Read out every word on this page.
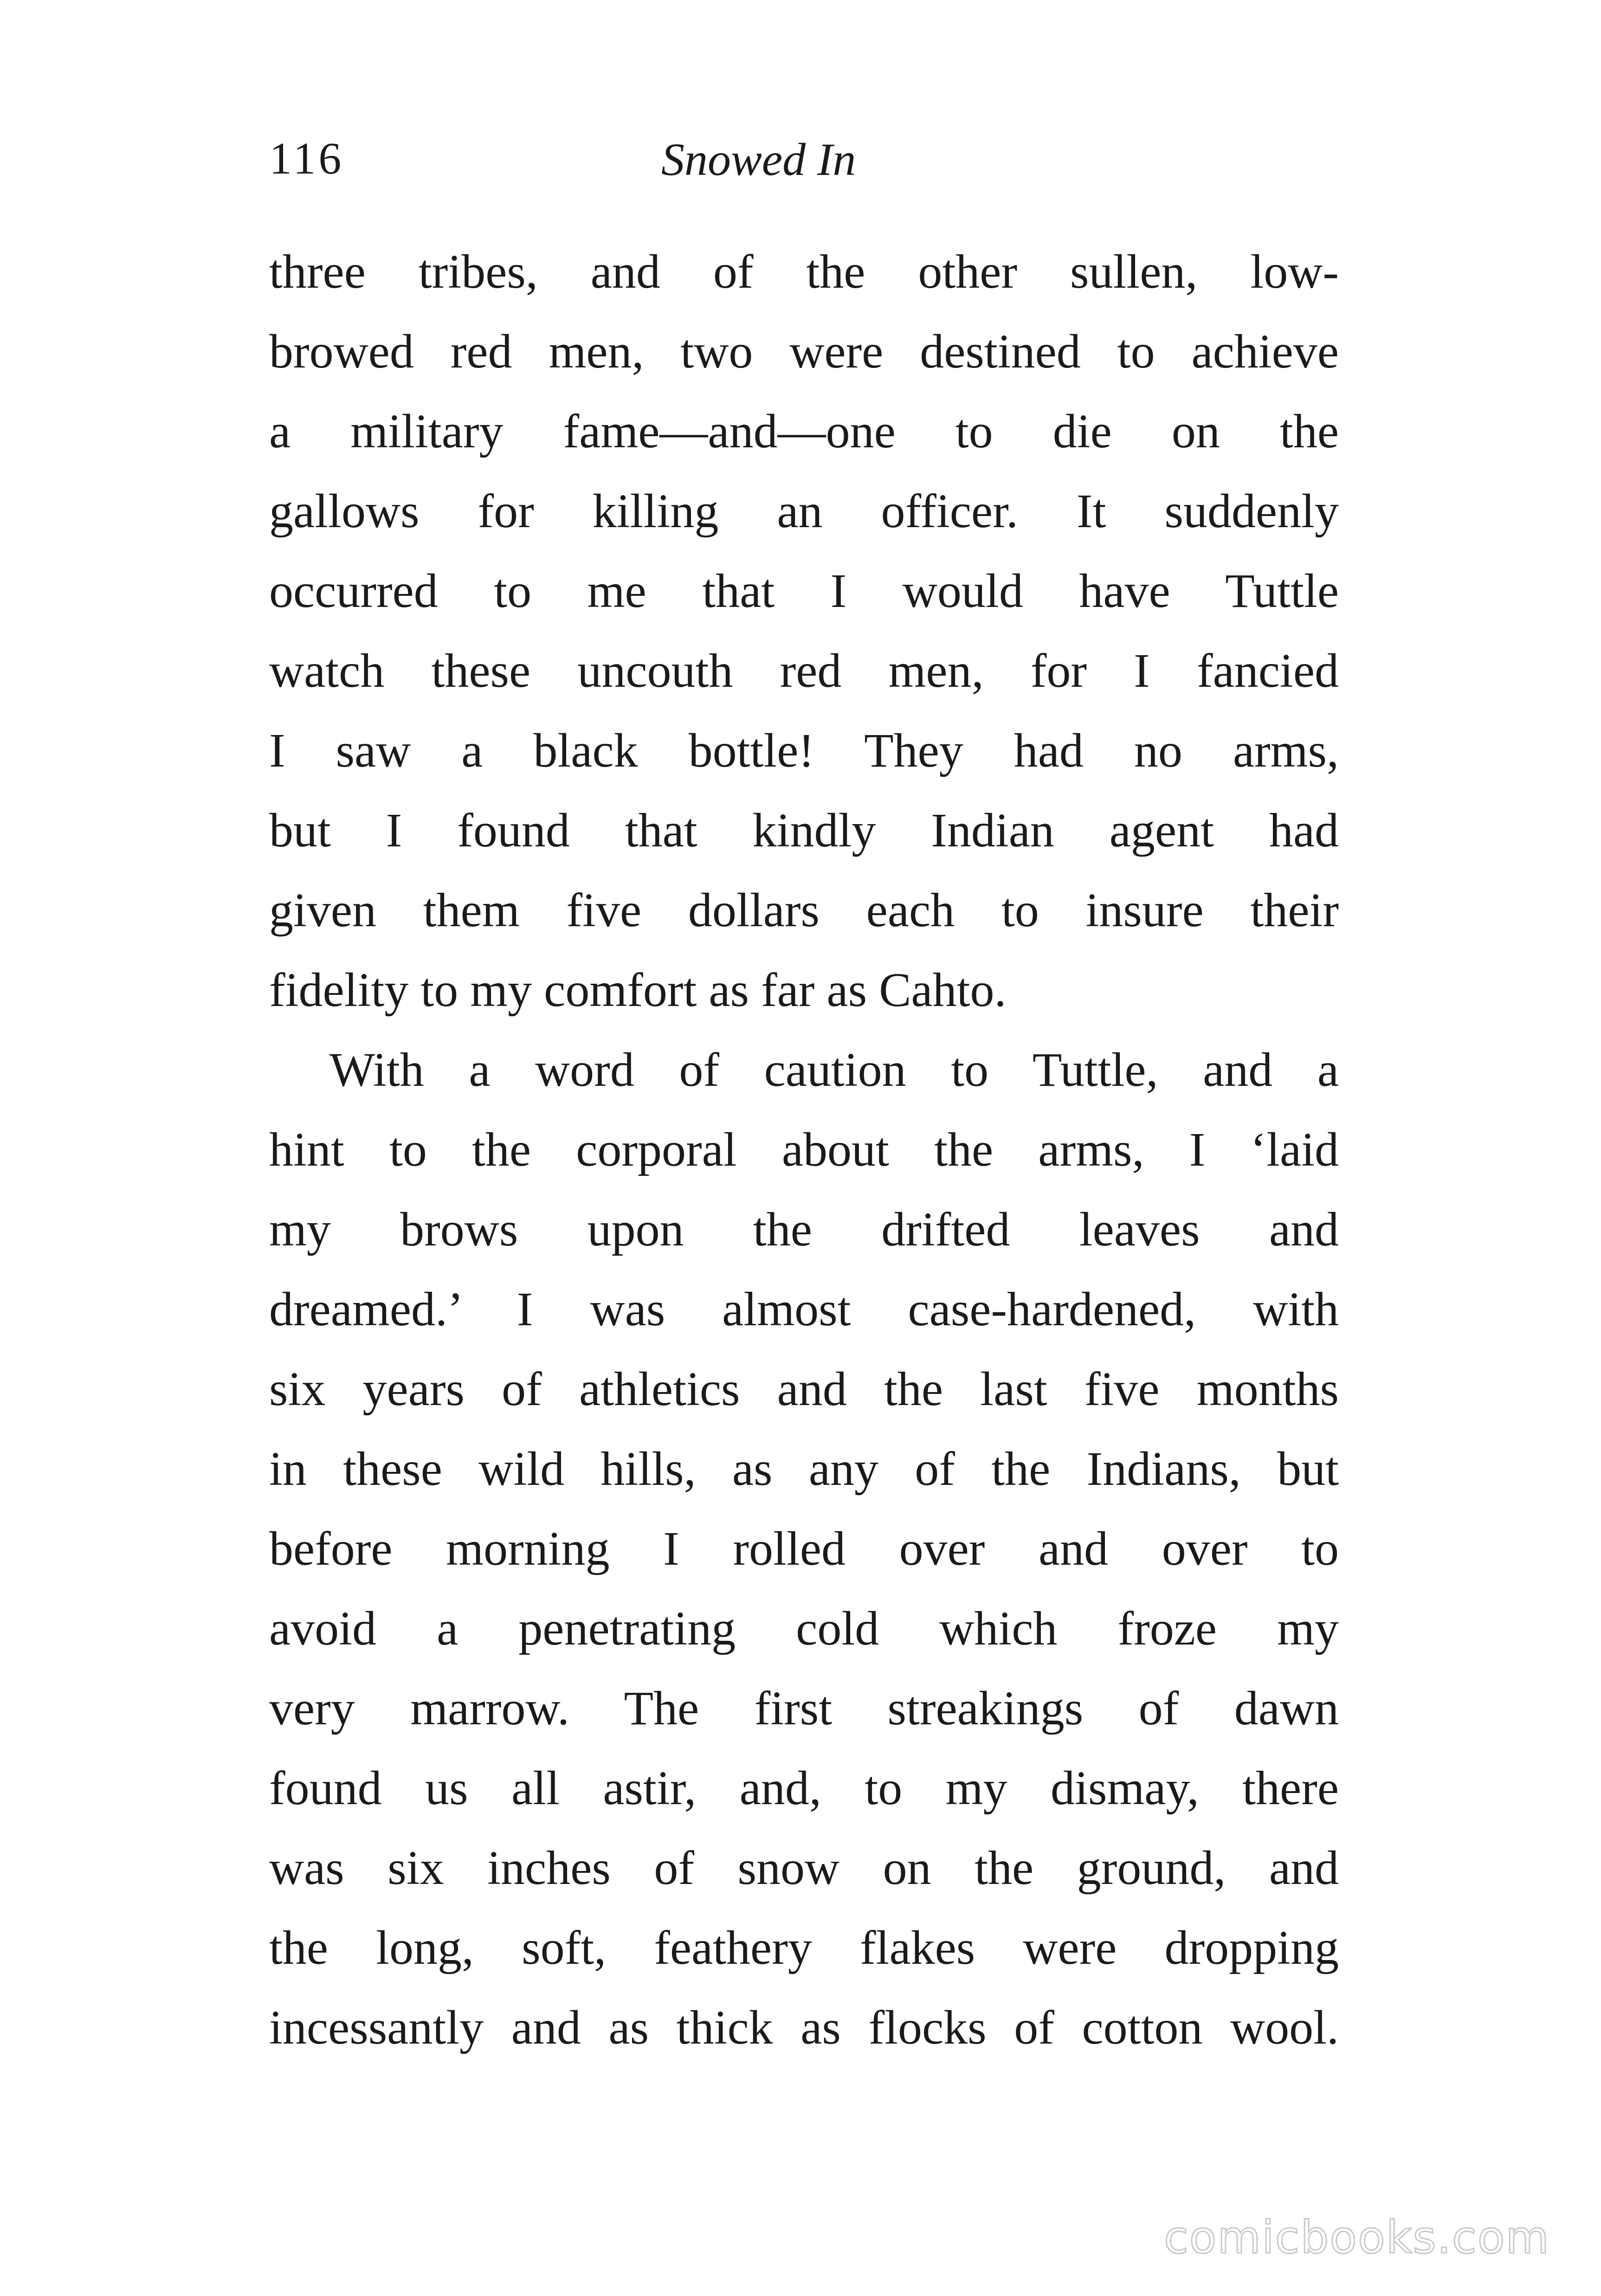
116	Snowed In
three tribes, and of the other sullen, low-
browed red men, two were destined to achieve
a military fame—and—one to die on the
gallows for killing an officer. It suddenly
occurred to me that I would have Tuttle
watch these uncouth red men, for I fancied
I saw a black bottle! They had no arms,
but I found that kindly Indian agent had
given them five dollars each to insure their
fidelity to my comfort as far as Cahto.
With a word of caution to Tuttle, and a
hint to the corporal about the arms, I ‘laid
my brows upon the drifted leaves and
dreamed.’ I was almost case-hardened, with
six years of athletics and the last five months
in these wild hills, as any of the Indians, but
before morning I rolled over and over to
avoid a penetrating cold which froze my
very marrow. The first streakings of dawn
found us all astir, and, to my dismay, there
was six inches of snow on the ground, and
the long, soft, feathery flakes were dropping
incessantly and as thick as flocks of cotton wool.
comicbooks.com
